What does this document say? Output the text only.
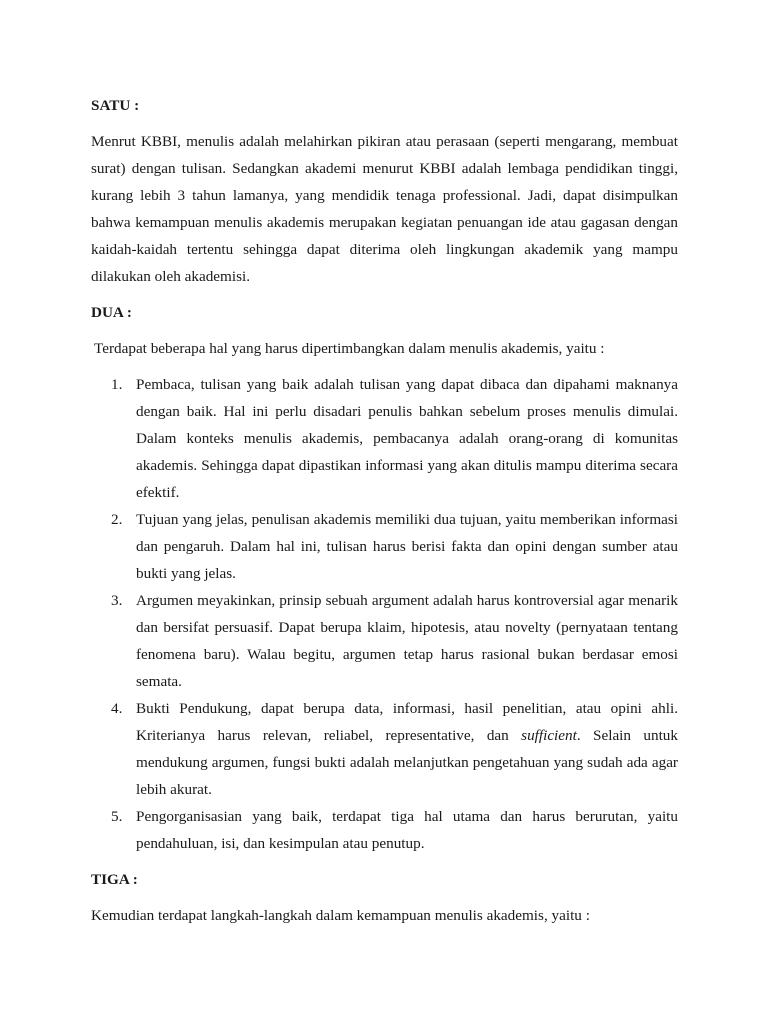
SATU :

Menrut KBBI, menulis adalah melahirkan pikiran atau perasaan (seperti mengarang, membuat surat) dengan tulisan. Sedangkan akademi menurut KBBI adalah lembaga pendidikan tinggi, kurang lebih 3 tahun lamanya, yang mendidik tenaga professional. Jadi, dapat disimpulkan bahwa kemampuan menulis akademis merupakan kegiatan penuangan ide atau gagasan dengan kaidah-kaidah tertentu sehingga dapat diterima oleh lingkungan akademik yang mampu dilakukan oleh akademisi.

DUA :

Terdapat beberapa hal yang harus dipertimbangkan dalam menulis akademis, yaitu :

1. Pembaca, tulisan yang baik adalah tulisan yang dapat dibaca dan dipahami maknanya dengan baik. Hal ini perlu disadari penulis bahkan sebelum proses menulis dimulai. Dalam konteks menulis akademis, pembacanya adalah orang-orang di komunitas akademis. Sehingga dapat dipastikan informasi yang akan ditulis mampu diterima secara efektif.
2. Tujuan yang jelas, penulisan akademis memiliki dua tujuan, yaitu memberikan informasi dan pengaruh. Dalam hal ini, tulisan harus berisi fakta dan opini dengan sumber atau bukti yang jelas.
3. Argumen meyakinkan, prinsip sebuah argument adalah harus kontroversial agar menarik dan bersifat persuasif. Dapat berupa klaim, hipotesis, atau novelty (pernyataan tentang fenomena baru). Walau begitu, argumen tetap harus rasional bukan berdasar emosi semata.
4. Bukti Pendukung, dapat berupa data, informasi, hasil penelitian, atau opini ahli. Kriterianya harus relevan, reliabel, representative, dan sufficient. Selain untuk mendukung argumen, fungsi bukti adalah melanjutkan pengetahuan yang sudah ada agar lebih akurat.
5. Pengorganisasian yang baik, terdapat tiga hal utama dan harus berurutan, yaitu pendahuluan, isi, dan kesimpulan atau penutup.

TIGA :

Kemudian terdapat langkah-langkah dalam kemampuan menulis akademis, yaitu :
